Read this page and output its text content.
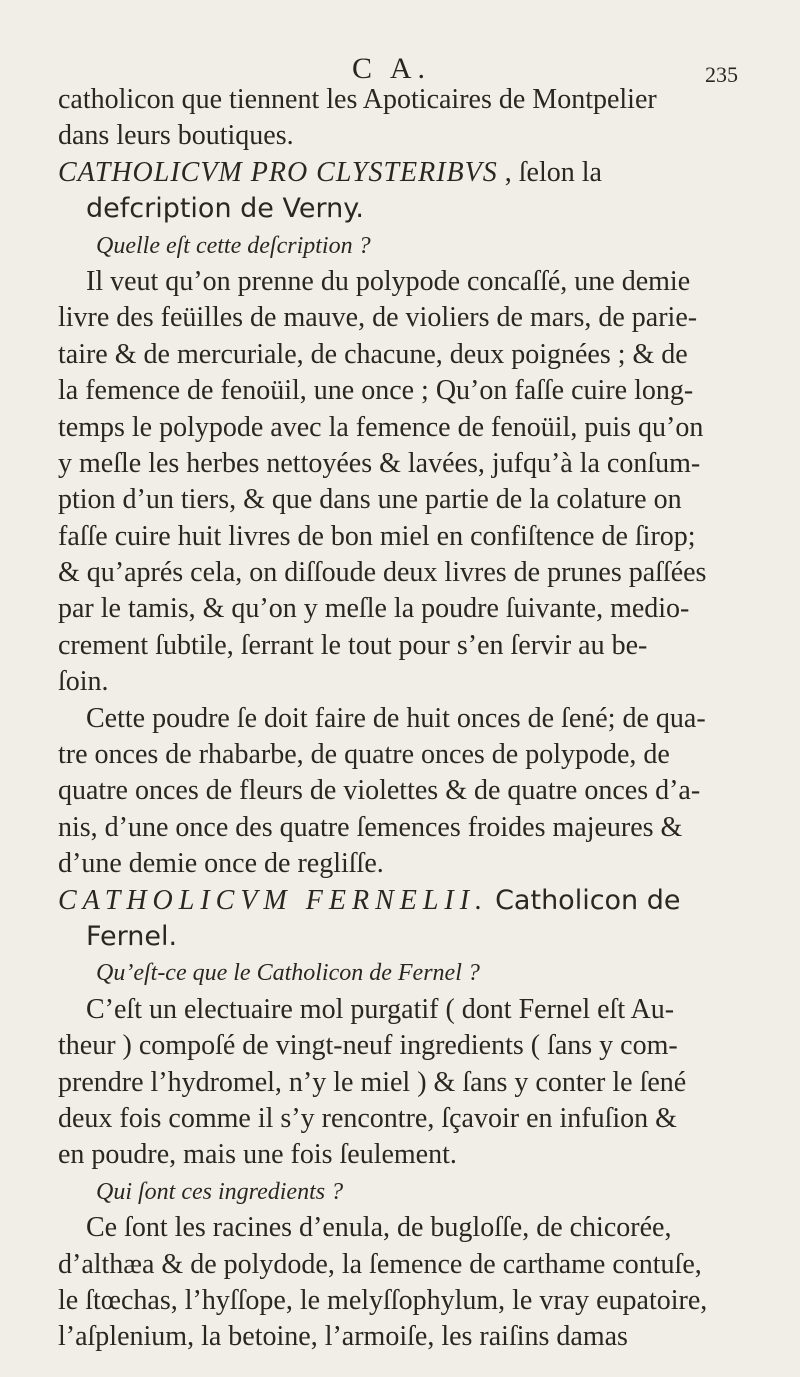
C A.	235
catholicon que tiennent les Apoticaires de Montpelier
dans leurs boutiques.
CATHOLICVM PRO CLYSTERIBVS , ſelon la
defcription de Verny.
Quelle eſt cette deſcription ?
Il veut qu’on prenne du polypode concaſſé, une demie
livre des feüilles de mauve, de violiers de mars, de parie-
taire & de mercuriale, de chacune, deux poignées ; & de
la femence de fenoüil, une once ; Qu’on faſſe cuire long-
temps le polypode avec la femence de fenoüil, puis qu’on
y meſle les herbes nettoyées & lavées, jufqu’à la conſum-
ption d’un tiers, & que dans une partie de la colature on
faſſe cuire huit livres de bon miel en confiſtence de ſirop;
& qu’aprés cela, on diſſoude deux livres de prunes paſſées
par le tamis, & qu’on y meſle la poudre ſuivante, medio-
crement ſubtile, ſerrant le tout pour s’en ſervir au be-
ſoin.
Cette poudre ſe doit faire de huit onces de ſené; de qua-
tre onces de rhabarbe, de quatre onces de polypode, de
quatre onces de fleurs de violettes & de quatre onces d’a-
nis, d’une once des quatre ſemences froides majeures &
d’une demie once de regliſſe.
CATHOLICVM FERNELII. Catholicon de
Fernel.
Qu’eſt-ce que le Catholicon de Fernel ?
C’eſt un electuaire mol purgatif ( dont Fernel eſt Au-
theur ) compoſé de vingt-neuf ingredients ( ſans y com-
prendre l’hydromel, n’y le miel ) & ſans y conter le ſené
deux fois comme il s’y rencontre, ſçavoir en infuſion &
en poudre, mais une fois ſeulement.
Qui ſont ces ingredients ?
Ce ſont les racines d’enula, de bugloſſe, de chicorée,
d’althæa & de polydode, la ſemence de carthame contuſe,
le ſtœchas, l’hyſſope, le melyſſophylum, le vray eupatoire,
l’aſplenium, la betoine, l’armoiſe, les raiſins damas
